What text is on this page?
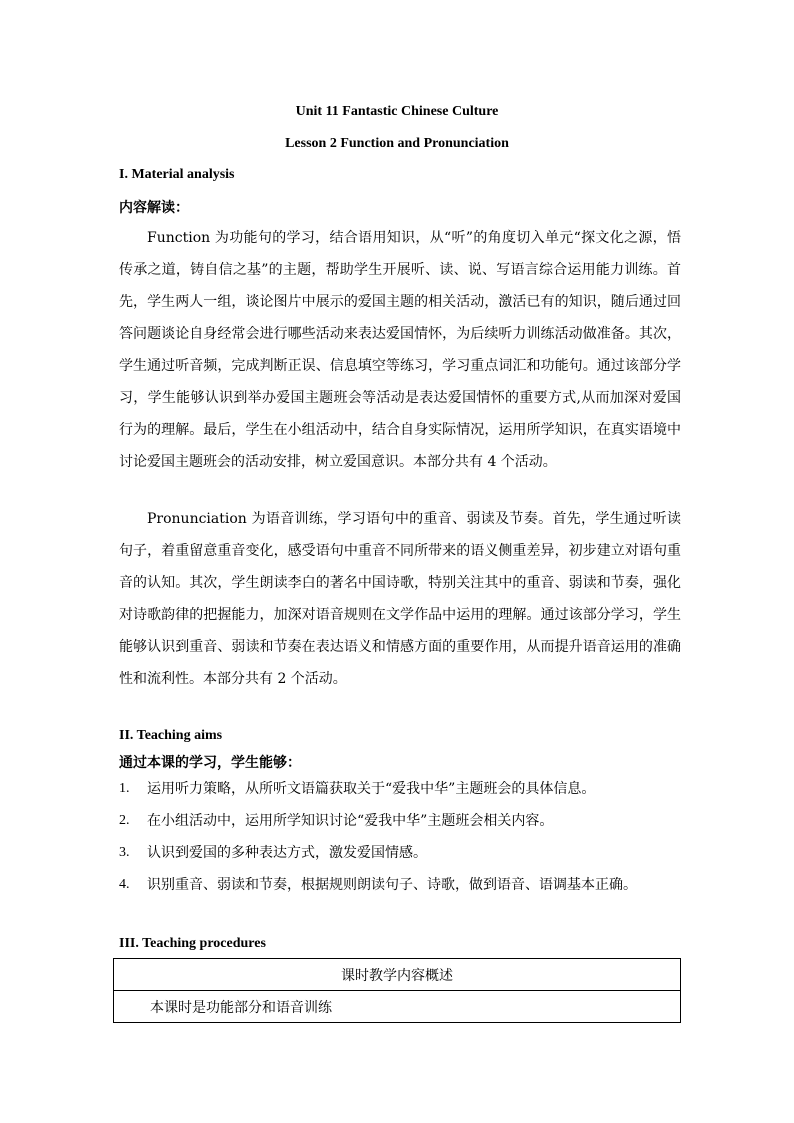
Unit 11 Fantastic Chinese Culture
Lesson 2 Function and Pronunciation
I. Material analysis
内容解读：

Function 为功能句的学习，结合语用知识，从“听”的角度切入单元“探文化之源，悟传承之道，铸自信之基”的主题，帮助学生开展听、读、说、写语言综合运用能力训练。首先，学生两人一组，谈论图片中展示的爱国主题的相关活动，激活已有的知识，随后通过回答问题谈论自身经常会进行哪些活动来表达爱国情怀，为后续听力训练活动做准备。其次，学生通过听音频，完成判断正误、信息填空等练习，学习重点词汇和功能句。通过该部分学习，学生能够认识到举办爱国主题班会等活动是表达爱国情怀的重要方式,从而加深对爱国行为的理解。最后，学生在小组活动中，结合自身实际情况，运用所学知识，在真实语境中讨论爱国主题班会的活动安排，树立爱国意识。本部分共有 4 个活动。

Pronunciation 为语音训练，学习语句中的重音、弱读及节奏。首先，学生通过听读句子，着重留意重音变化，感受语句中重音不同所带来的语义侧重差异，初步建立对语句重音的认知。其次，学生朗读李白的著名中国诗歌，特别关注其中的重音、弱读和节奏，强化对诗歌韵律的把握能力，加深对语音规则在文学作品中运用的理解。通过该部分学习，学生能够认识到重音、弱读和节奏在表达语义和情感方面的重要作用，从而提升语音运用的准确性和流利性。本部分共有 2 个活动。

II. Teaching aims
通过本课的学习，学生能够：
1. 运用听力策略，从所听文语篇获取关于“爱我中华”主题班会的具体信息。
2. 在小组活动中，运用所学知识讨论“爱我中华”主题班会相关内容。
3. 认识到爱国的多种表达方式，激发爱国情感。
4. 识别重音、弱读和节奏，根据规则朗读句子、诗歌，做到语音、语调基本正确。
III. Teaching procedures
课时教学内容概述
本课时是功能部分和语音训练
